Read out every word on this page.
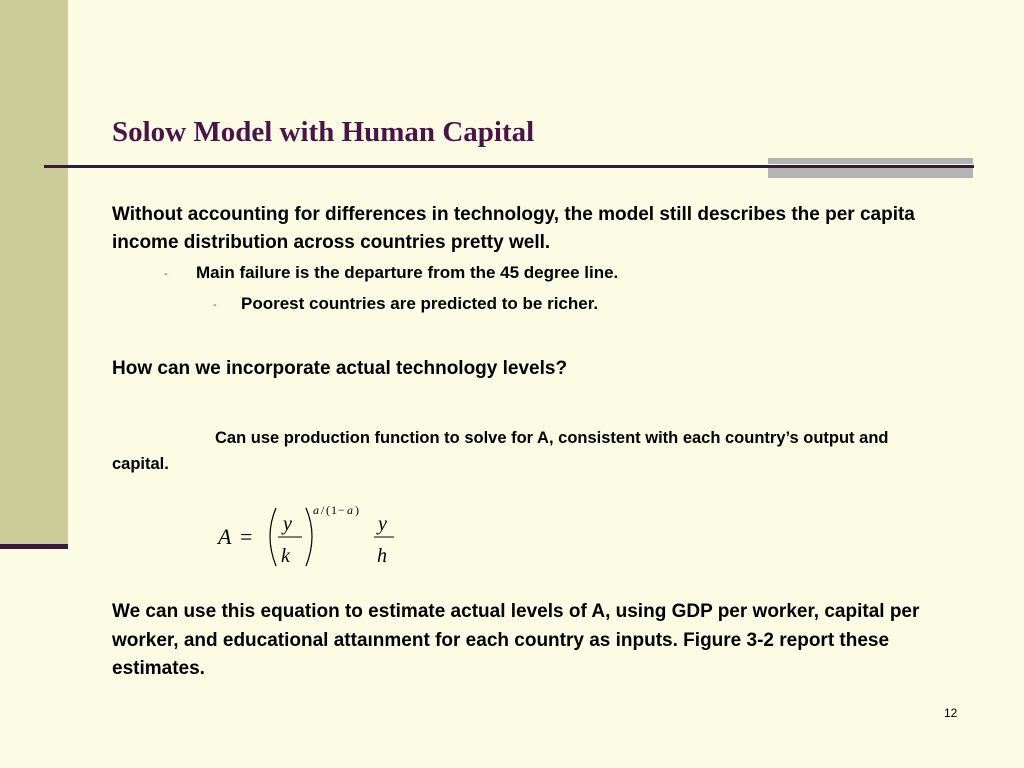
Solow Model with Human Capital
Without accounting for differences in technology, the model still describes the per capita income distribution across countries pretty well.
- Main failure is the departure from the 45 degree line.
- Poorest countries are predicted to be richer.
How can we incorporate actual technology levels?
Can use production function to solve for A, consistent with each country’s output and capital.
A = y
k
a / ( 1 − a )
y
h
We can use this equation to estimate actual levels of A, using GDP per worker, capital per worker, and educational attaınment for each country as inputs. Figure 3-2 report these estimates.
12
